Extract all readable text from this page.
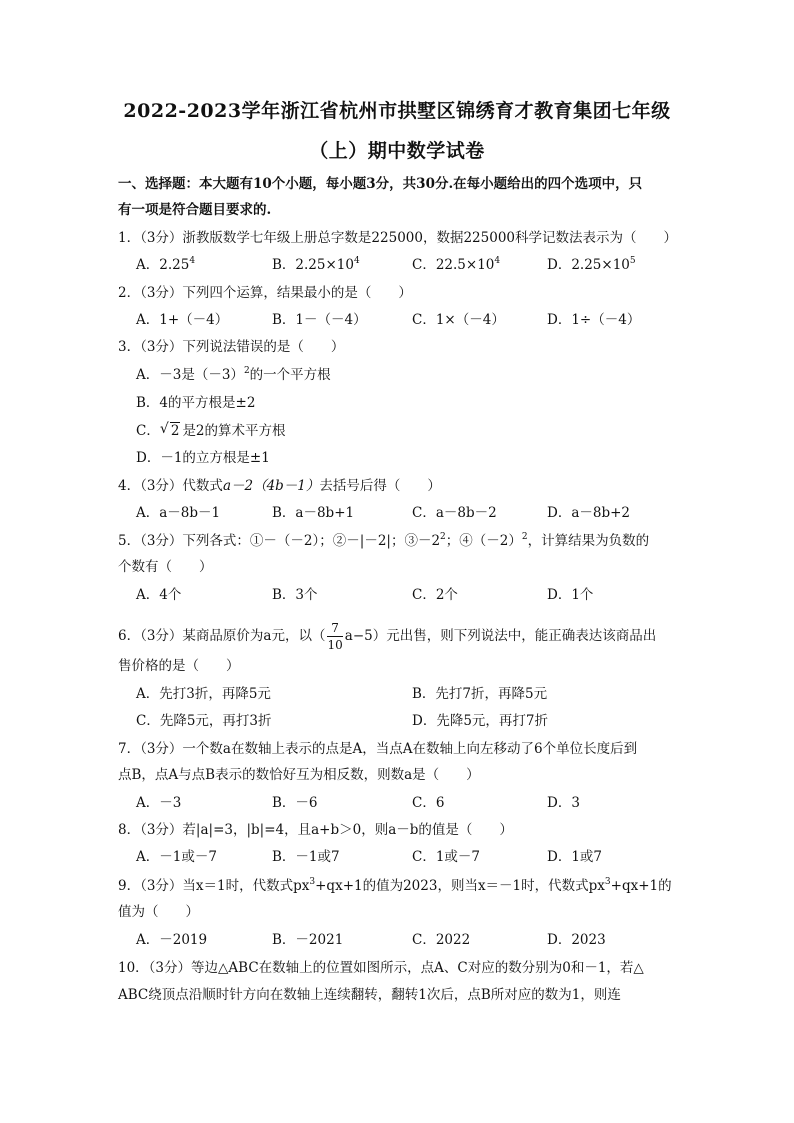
2022-2023学年浙江省杭州市拱墅区锦绣育才教育集团七年级
（上）期中数学试卷
一、选择题：本大题有10个小题，每小题3分，共30分.在每小题给出的四个选项中，只
有一项是符合题目要求的.
1．（3分）浙教版数学七年级上册总字数是225000，数据225000科学记数法表示为（　　）
A．2.25$^4$	B．$2.25\times 10^4$	C．$22.5\times 10^4$	D．$2.25\times 10^5$
2．（3分）下列四个运算，结果最小的是（　　）
A．1+（－4）	B．1－（－4）	C．1×（－4）	D．1÷（－4）
3．（3分）下列说法错误的是（　　）
A．－3是$(-3)^2$的一个平方根
B．4的平方根是±2
C． √ 2 是2的算术平方根
D．－1的立方根是±1
4．（3分）代数式a－2（4b－1）去括号后得（　　）
A．a－8b－1	B．a－8b+1	C．a－8b－2	D．a－8b+2
5．（3分）下列各式：①－（－2）；②－|－2|；$③-2^2$；$④(-2)^2$，计算结果为负数的
个数有（　　）
A．4个	B．3个	C．2个	D．1个
6．（3分）某商品原价为a元，以（ $\frac{7}{10} a-5$）元出售，则下列说法中，能正确表达该商品出
售价格的是（　　）
A．先打3折，再降5元	B．先打7折，再降5元
C．先降5元，再打3折	D．先降5元，再打7折
7．（3分）一个数a在数轴上表示的点是A，当点A在数轴上向左移动了6个单位长度后到
点B，点A与点B表示的数恰好互为相反数，则数a是（　　）
A．－3	B．－6	C．6	D．3
8．（3分）若|a|=3，|b|=4，且a+b＞0，则a－b的值是（　　）
A．－1或－7	B．－1或7	C．1或－7	D．1或7
9．（3分）当x＝1时，代数式$px^3+qx+1$的值为2023，则当x＝－1时，代数式$px^3+qx+1$的
值为（　　）
A．－2019	B．－2021	C．2022	D．2023
10．（3分）等边△ABC在数轴上的位置如图所示，点A、C对应的数分别为0和－1，若△
ABC绕顶点沿顺时针方向在数轴上连续翻转，翻转1次后，点B所对应的数为1，则连
